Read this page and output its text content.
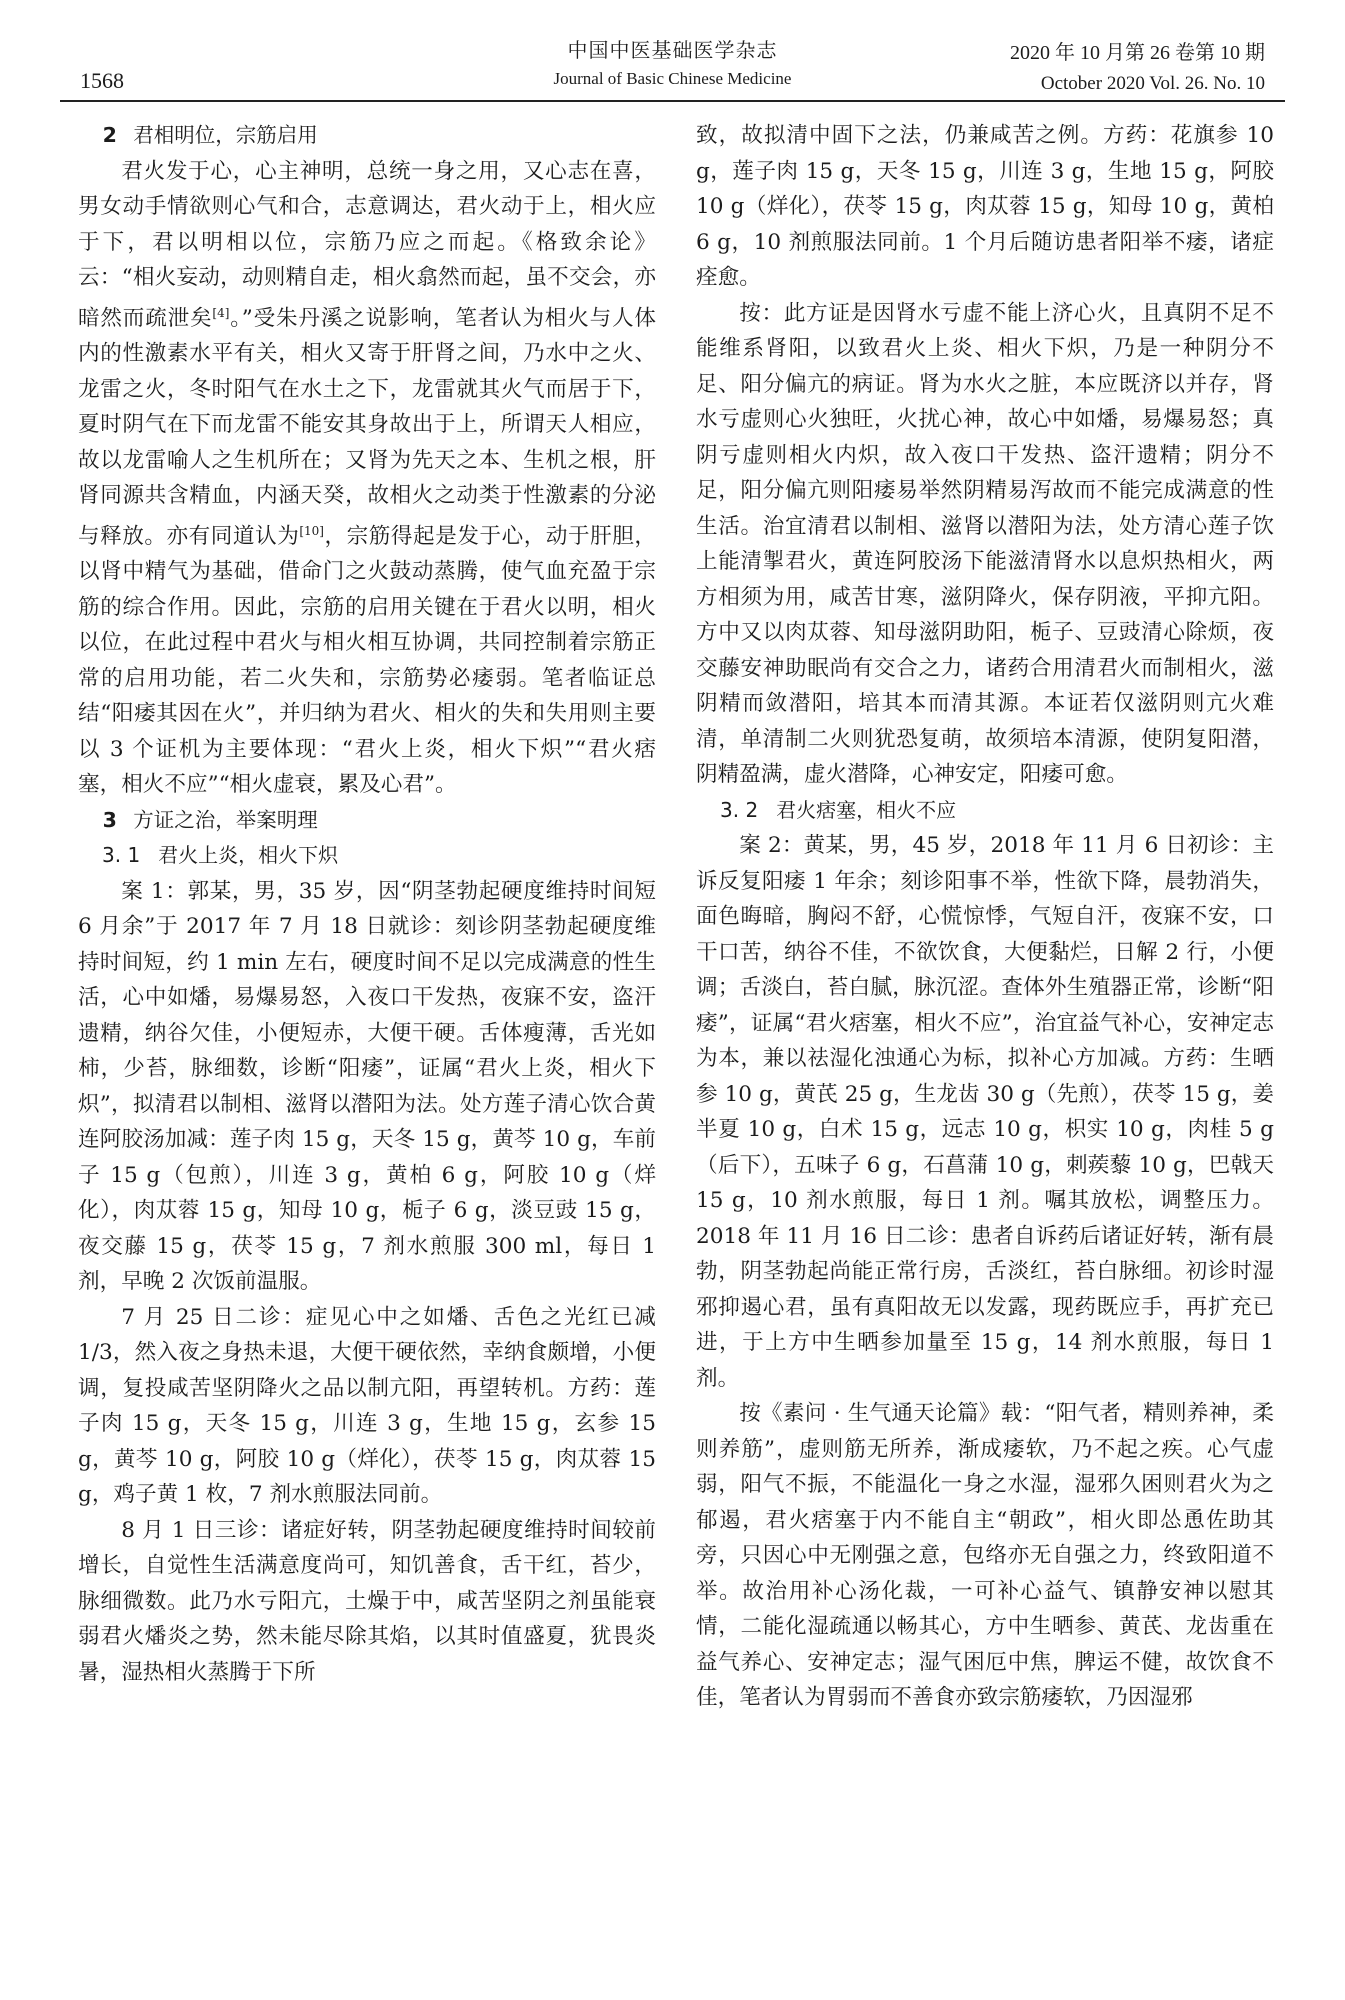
1568
中国中医基础医学杂志
Journal of Basic Chinese Medicine
2020 年 10 月第 26 卷第 10 期
October 2020 Vol. 26. No. 10
2 君相明位，宗筋启用

君火发于心，心主神明，总统一身之用，又心志在喜，男女动手情欲则心气和合，志意调达，君火动于上，相火应于下，君以明相以位，宗筋乃应之而起。《格致余论》云：“相火妄动，动则精自走，相火翕然而起，虽不交会，亦暗然而疏泄矣[4]。”受朱丹溪之说影响，笔者认为相火与人体内的性激素水平有关，相火又寄于肝肾之间，乃水中之火、龙雷之火，冬时阳气在水土之下，龙雷就其火气而居于下，夏时阴气在下而龙雷不能安其身故出于上，所谓天人相应，故以龙雷喻人之生机所在；又肾为先天之本、生机之根，肝肾同源共含精血，内涵天癸，故相火之动类于性激素的分泌与释放。亦有同道认为[10]，宗筋得起是发于心，动于肝胆，以肾中精气为基础，借命门之火鼓动蒸腾，使气血充盈于宗筋的综合作用。因此，宗筋的启用关键在于君火以明，相火以位，在此过程中君火与相火相互协调，共同控制着宗筋正常的启用功能，若二火失和，宗筋势必痿弱。笔者临证总结“阳痿其因在火”，并归纳为君火、相火的失和失用则主要以 3 个证机为主要体现：“君火上炎，相火下炽”“君火痞塞，相火不应”“相火虚衰，累及心君”。

3 方证之治，举案明理
3. 1 君火上炎，相火下炽

案 1：郭某，男，35 岁，因“阴茎勃起硬度维持时间短 6 月余”于 2017 年 7 月 18 日就诊：刻诊阴茎勃起硬度维持时间短，约 1 min 左右，硬度时间不足以完成满意的性生活，心中如燔，易爆易怒，入夜口干发热，夜寐不安，盗汗遗精，纳谷欠佳，小便短赤，大便干硬。舌体瘦薄，舌光如柿，少苔，脉细数，诊断“阳痿”，证属“君火上炎，相火下炽”，拟清君以制相、滋肾以潜阳为法。处方莲子清心饮合黄连阿胶汤加减：莲子肉 15 g，天冬 15 g，黄芩 10 g，车前子 15 g（包煎），川连 3 g，黄柏 6 g，阿胶 10 g（烊化），肉苁蓉 15 g，知母 10 g，栀子 6 g，淡豆豉 15 g，夜交藤 15 g，茯苓 15 g，7 剂水煎服 300 ml，每日 1 剂，早晚 2 次饭前温服。

7 月 25 日二诊：症见心中之如燔、舌色之光红已减 1/3，然入夜之身热未退，大便干硬依然，幸纳食颇增，小便调，复投咸苦坚阴降火之品以制亢阳，再望转机。方药：莲子肉 15 g，天冬 15 g，川连 3 g，生地 15 g，玄参 15 g，黄芩 10 g，阿胶 10 g（烊化），茯苓 15 g，肉苁蓉 15 g，鸡子黄 1 枚，7 剂水煎服法同前。

8 月 1 日三诊：诸症好转，阴茎勃起硬度维持时间较前增长，自觉性生活满意度尚可，知饥善食，舌干红，苔少，脉细微数。此乃水亏阳亢，土燥于中，咸苦坚阴之剂虽能衰弱君火燔炎之势，然未能尽除其焰，以其时值盛夏，犹畏炎暑，湿热相火蒸腾于下所

致，故拟清中固下之法，仍兼咸苦之例。方药：花旗参 10 g，莲子肉 15 g，天冬 15 g，川连 3 g，生地 15 g，阿胶 10 g（烊化），茯苓 15 g，肉苁蓉 15 g，知母 10 g，黄柏 6 g，10 剂煎服法同前。1 个月后随访患者阳举不痿，诸症痊愈。

按：此方证是因肾水亏虚不能上济心火，且真阴不足不能维系肾阳，以致君火上炎、相火下炽，乃是一种阴分不足、阳分偏亢的病证。肾为水火之脏，本应既济以并存，肾水亏虚则心火独旺，火扰心神，故心中如燔，易爆易怒；真阴亏虚则相火内炽，故入夜口干发热、盗汗遗精；阴分不足，阳分偏亢则阳痿易举然阴精易泻故而不能完成满意的性生活。治宜清君以制相、滋肾以潜阳为法，处方清心莲子饮上能清掣君火，黄连阿胶汤下能滋清肾水以息炽热相火，两方相须为用，咸苦甘寒，滋阴降火，保存阴液，平抑亢阳。方中又以肉苁蓉、知母滋阴助阳，栀子、豆豉清心除烦，夜交藤安神助眠尚有交合之力，诸药合用清君火而制相火，滋阴精而敛潜阳，培其本而清其源。本证若仅滋阴则亢火难清，单清制二火则犹恐复萌，故须培本清源，使阴复阳潜，阴精盈满，虚火潜降，心神安定，阳痿可愈。

3. 2 君火痞塞，相火不应

案 2：黄某，男，45 岁，2018 年 11 月 6 日初诊：主诉反复阳痿 1 年余；刻诊阳事不举，性欲下降，晨勃消失，面色晦暗，胸闷不舒，心慌惊悸，气短自汗，夜寐不安，口干口苦，纳谷不佳，不欲饮食，大便黏烂，日解 2 行，小便调；舌淡白，苔白腻，脉沉涩。查体外生殖器正常，诊断“阳痿”，证属“君火痞塞，相火不应”，治宜益气补心，安神定志为本，兼以祛湿化浊通心为标，拟补心方加减。方药：生晒参 10 g，黄芪 25 g，生龙齿 30 g（先煎），茯苓 15 g，姜半夏 10 g，白术 15 g，远志 10 g，枳实 10 g，肉桂 5 g（后下），五味子 6 g，石菖蒲 10 g，刺蒺藜 10 g，巴戟天 15 g，10 剂水煎服，每日 1 剂。嘱其放松，调整压力。2018 年 11 月 16 日二诊：患者自诉药后诸证好转，渐有晨勃，阴茎勃起尚能正常行房，舌淡红，苔白脉细。初诊时湿邪抑遏心君，虽有真阳故无以发露，现药既应手，再扩充已进，于上方中生晒参加量至 15 g，14 剂水煎服，每日 1 剂。

按《素问 · 生气通天论篇》载：“阳气者，精则养神，柔则养筋”，虚则筋无所养，渐成痿软，乃不起之疾。心气虚弱，阳气不振，不能温化一身之水湿，湿邪久困则君火为之郁遏，君火痞塞于内不能自主“朝政”，相火即怂恿佐助其旁，只因心中无刚强之意，包络亦无自强之力，终致阳道不举。故治用补心汤化裁，一可补心益气、镇静安神以慰其情，二能化湿疏通以畅其心，方中生晒参、黄芪、龙齿重在益气养心、安神定志；湿气困厄中焦，脾运不健，故饮食不佳，笔者认为胃弱而不善食亦致宗筋痿软，乃因湿邪
